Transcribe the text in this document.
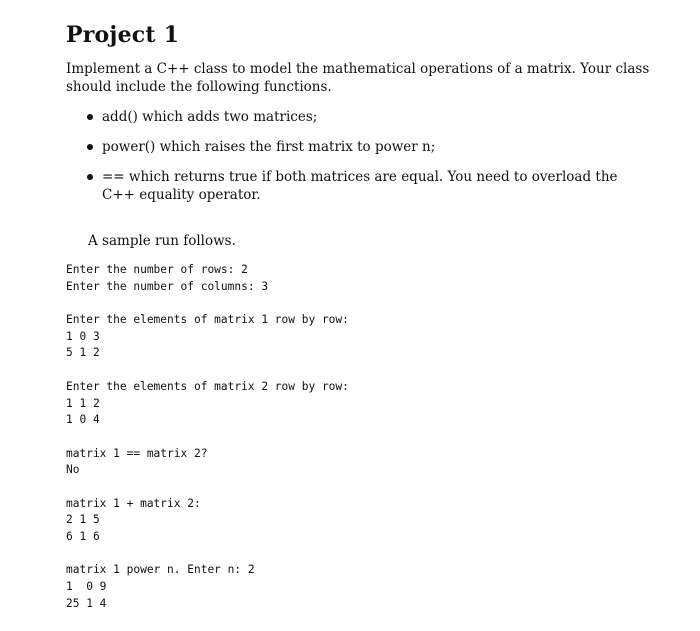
Project 1
Implement a C++ class to model the mathematical operations of a matrix. Your class should include the following functions.
add() which adds two matrices;
power() which raises the first matrix to power n;
== which returns true if both matrices are equal. You need to overload the C++ equality operator.
A sample run follows.
Enter the number of rows: 2
Enter the number of columns: 3
Enter the elements of matrix 1 row by row:
1 0 3
5 1 2
Enter the elements of matrix 2 row by row:
1 1 2
1 0 4
matrix 1 == matrix 2?
No
matrix 1 + matrix 2:
2 1 5
6 1 6
matrix 1 power n. Enter n: 2
1  0 9
25 1 4
